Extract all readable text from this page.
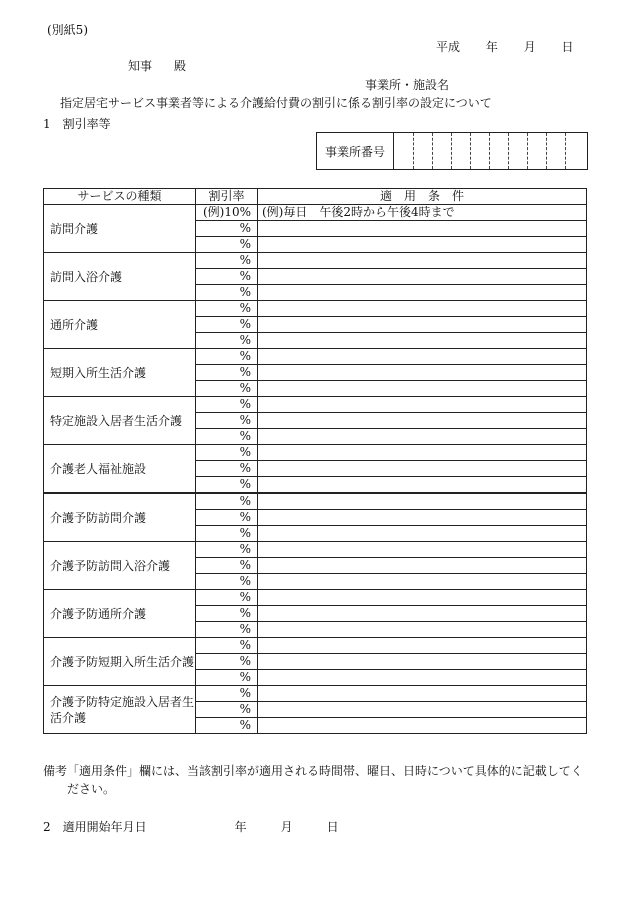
(別紙5)
平成 年 月 日
知事 殿
事業所・施設名
指定居宅サービス事業者等による介護給付費の割引に係る割引率の設定について
1　割引率等
事業所番号
サービスの種類	割引率	適　用　条　件
訪問介護	(例)10%	(例)毎日　午後2時から午後4時まで
	%	
	%	
訪問入浴介護	%	
	%	
	%	
通所介護	%	
	%	
	%	
短期入所生活介護	%	
	%	
	%	
特定施設入居者生活介護	%	
	%	
	%	
介護老人福祉施設	%	
	%	
	%	
介護予防訪問介護	%	
	%	
	%	
介護予防訪問入浴介護	%	
	%	
	%	
介護予防通所介護	%	
	%	
	%	
介護予防短期入所生活介護	%	
	%	
	%	
介護予防特定施設入居者生活介護	%	
	%	
	%	
備考 「適用条件」欄には、当該割引率が適用される時間帯、曜日、日時について具体的に記載してください。
2　適用開始年月日	年	月	日
